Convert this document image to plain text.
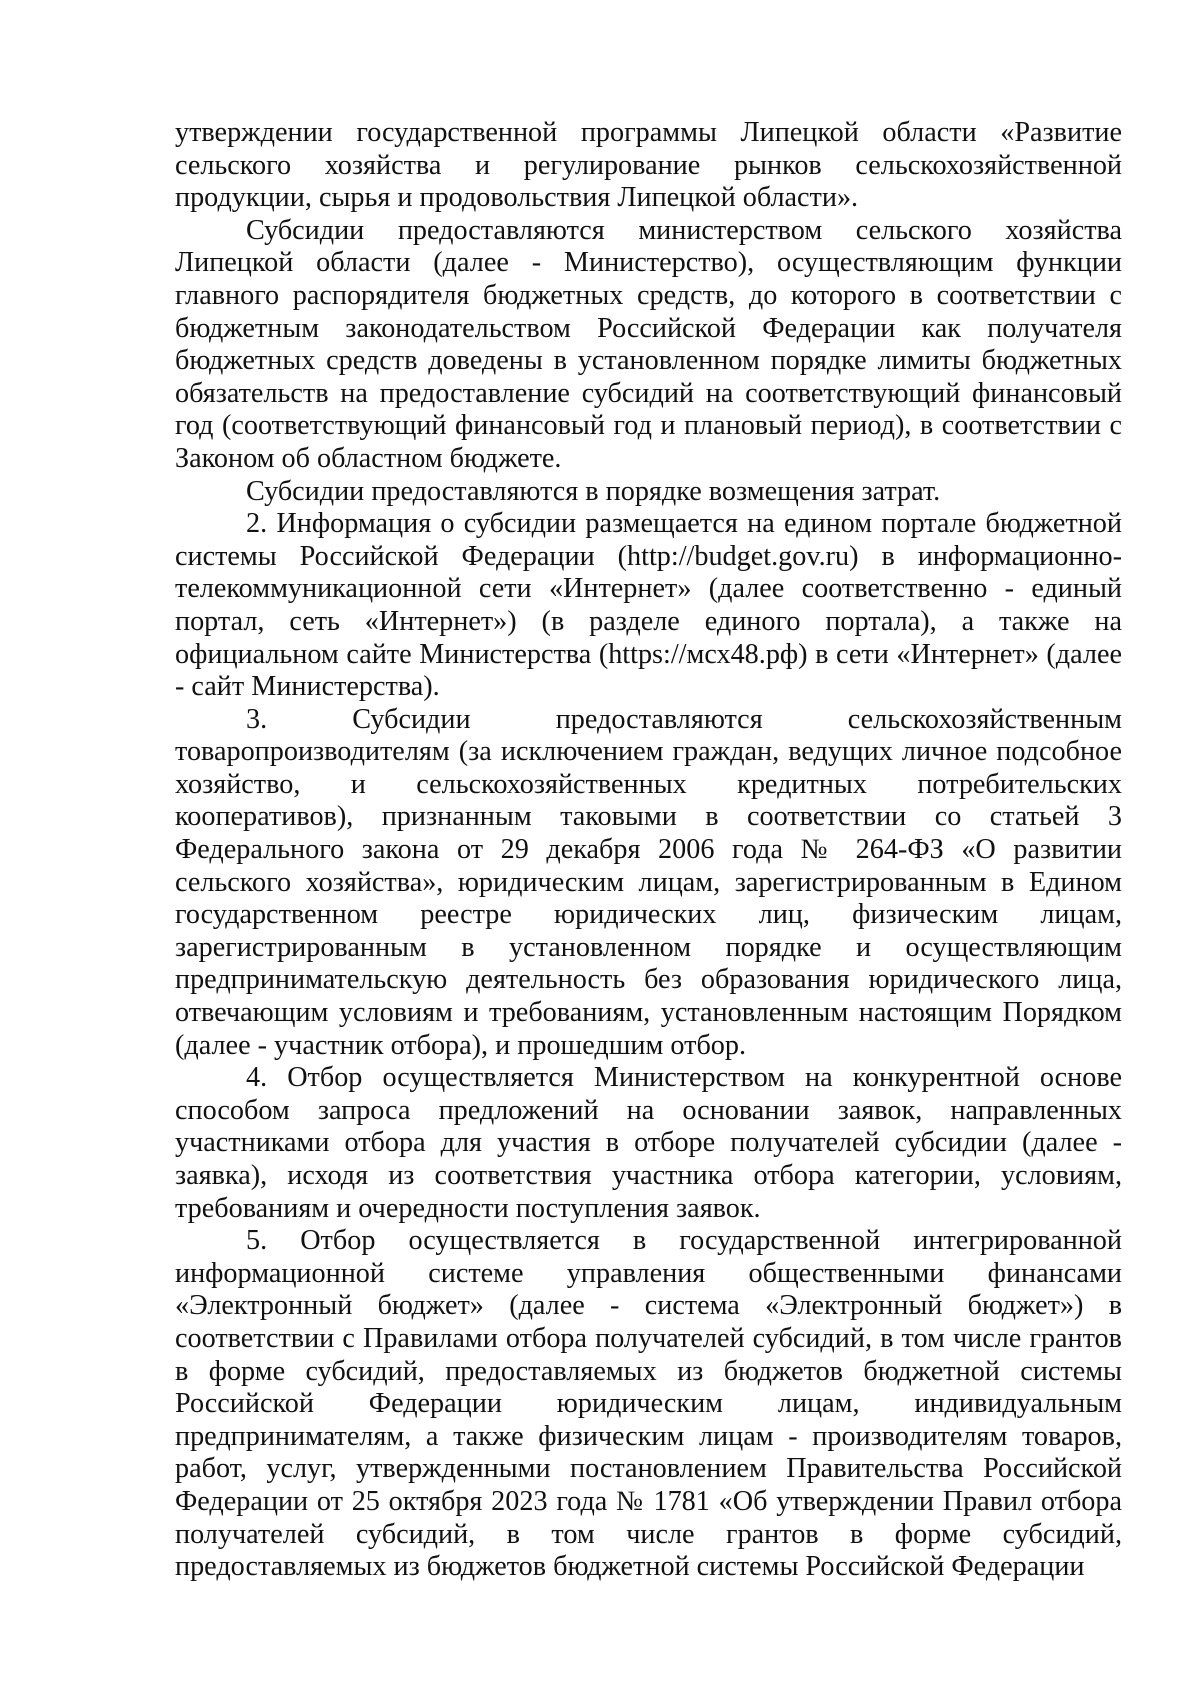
утверждении государственной программы Липецкой области «Развитие сельского хозяйства и регулирование рынков сельскохозяйственной продукции, сырья и продовольствия Липецкой области».

Субсидии предоставляются министерством сельского хозяйства Липецкой области (далее - Министерство), осуществляющим функции главного распорядителя бюджетных средств, до которого в соответствии с бюджетным законодательством Российской Федерации как получателя бюджетных средств доведены в установленном порядке лимиты бюджетных обязательств на предоставление субсидий на соответствующий финансовый год (соответствующий финансовый год и плановый период), в соответствии с Законом об областном бюджете.

Субсидии предоставляются в порядке возмещения затрат.

2. Информация о субсидии размещается на едином портале бюджетной системы Российской Федерации (http://budget.gov.ru) в информационно-телекоммуникационной сети «Интернет» (далее соответственно - единый портал, сеть «Интернет») (в разделе единого портала), а также на официальном сайте Министерства (https://мсх48.рф) в сети «Интернет» (далее - сайт Министерства).

3. Субсидии предоставляются сельскохозяйственным товаропроизводителям (за исключением граждан, ведущих личное подсобное хозяйство, и сельскохозяйственных кредитных потребительских кооперативов), признанным таковыми в соответствии со статьей 3 Федерального закона от 29 декабря 2006 года № 264-ФЗ «О развитии сельского хозяйства», юридическим лицам, зарегистрированным в Едином государственном реестре юридических лиц, физическим лицам, зарегистрированным в установленном порядке и осуществляющим предпринимательскую деятельность без образования юридического лица, отвечающим условиям и требованиям, установленным настоящим Порядком (далее - участник отбора), и прошедшим отбор.

4. Отбор осуществляется Министерством на конкурентной основе способом запроса предложений на основании заявок, направленных участниками отбора для участия в отборе получателей субсидии (далее - заявка), исходя из соответствия участника отбора категории, условиям, требованиям и очередности поступления заявок.

5. Отбор осуществляется в государственной интегрированной информационной системе управления общественными финансами «Электронный бюджет» (далее - система «Электронный бюджет») в соответствии с Правилами отбора получателей субсидий, в том числе грантов в форме субсидий, предоставляемых из бюджетов бюджетной системы Российской Федерации юридическим лицам, индивидуальным предпринимателям, а также физическим лицам - производителям товаров, работ, услуг, утвержденными постановлением Правительства Российской Федерации от 25 октября 2023 года № 1781 «Об утверждении Правил отбора получателей субсидий, в том числе грантов в форме субсидий, предоставляемых из бюджетов бюджетной системы Российской Федерации
